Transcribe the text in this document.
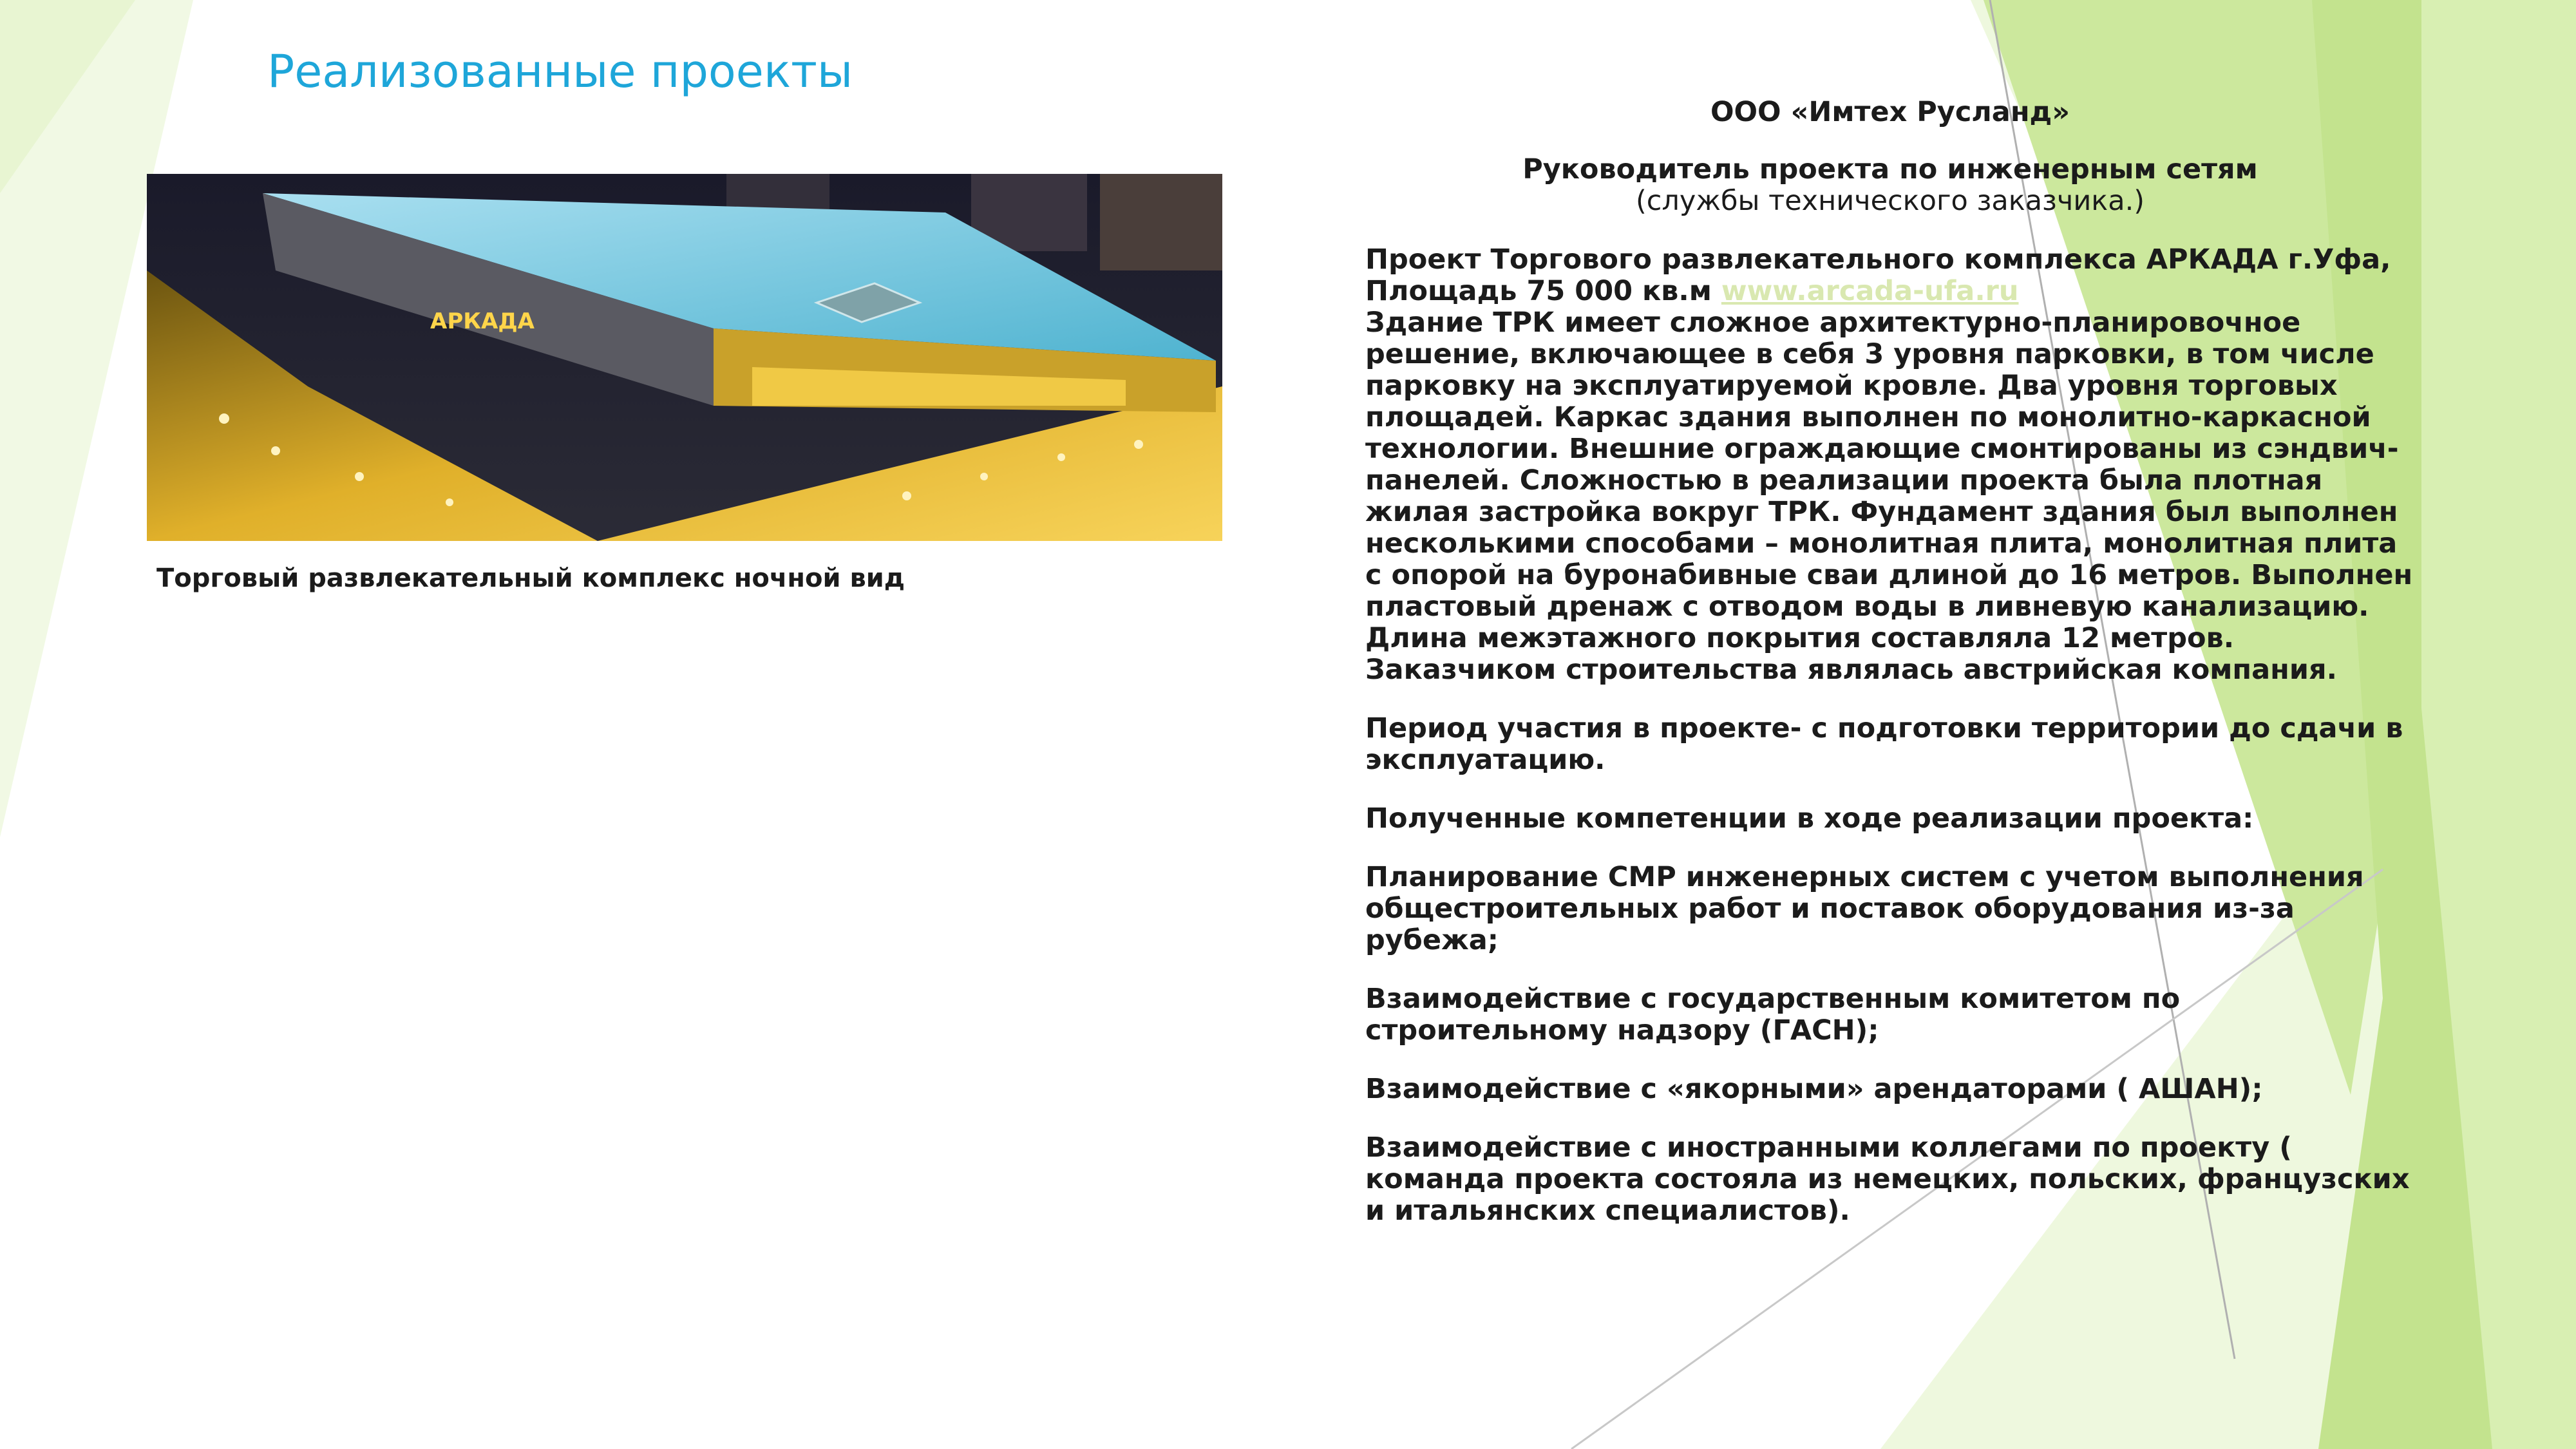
Реализованные проекты
АРКАДА
Торговый развлекательный комплекс ночной вид

ООО «Имтех Русланд»

Руководитель проекта по инженерным сетям

(службы технического заказчика.)

Проект Торгового развлекательного комплекса АРКАДА г.Уфа,

Площадь 75 000 кв.м www.arcada-ufa.ru

Здание ТРК имеет сложное архитектурно-планировочное решение, включающее в себя 3 уровня парковки, в том числе парковку на эксплуатируемой кровле. Два уровня торговых площадей. Каркас здания выполнен по монолитно-каркасной технологии. Внешние ограждающие смонтированы из сэндвич-панелей. Сложностью в реализации проекта была плотная жилая застройка вокруг ТРК. Фундамент здания был выполнен несколькими способами – монолитная плита, монолитная плита с опорой на буронабивные сваи длиной до 16 метров. Выполнен пластовый дренаж с отводом воды в ливневую канализацию. Длина межэтажного покрытия составляла 12 метров. Заказчиком строительства являлась австрийская компания.

Период участия в проекте- с подготовки территории до сдачи в эксплуатацию.

Полученные компетенции в ходе реализации проекта:

Планирование СМР инженерных систем с учетом выполнения общестроительных работ и поставок оборудования из-за рубежа;

Взаимодействие с государственным комитетом по строительному надзору (ГАСН);

Взаимодействие с «якорными» арендаторами ( АШАН);

Взаимодействие с иностранными коллегами по проекту ( команда проекта состояла из немецких, польских, французских и итальянских специалистов).
